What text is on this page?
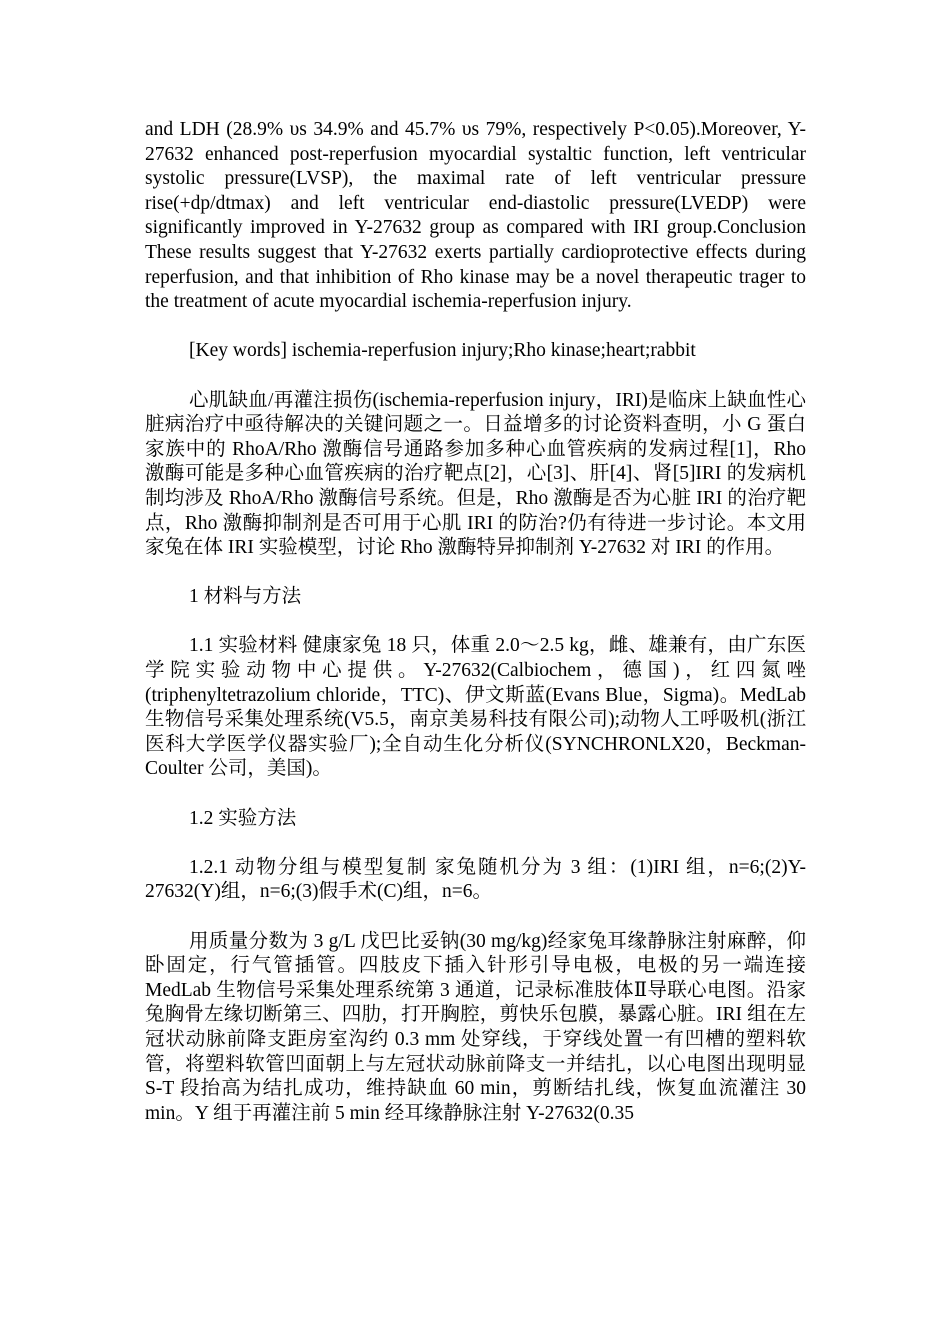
and LDH (28.9% υs 34.9% and 45.7% υs 79%, respectively P<0.05).Moreover, Y-27632 enhanced post-reperfusion myocardial systaltic function, left ventricular systolic pressure(LVSP), the maximal rate of left ventricular pressure rise(+dp/dtmax) and left ventricular end-diastolic pressure(LVEDP) were significantly improved in Y-27632 group as compared with IRI group.Conclusion These results suggest that Y-27632 exerts partially cardioprotective effects during reperfusion, and that inhibition of Rho kinase may be a novel therapeutic trager to the treatment of acute myocardial ischemia-reperfusion injury.

[Key words] ischemia-reperfusion injury;Rho kinase;heart;rabbit

心肌缺血/再灌注损伤(ischemia-reperfusion injury，IRI)是临床上缺血性心脏病治疗中亟待解决的关键问题之一。日益增多的讨论资料查明，小 G 蛋白家族中的 RhoA/Rho 激酶信号通路参加多种心血管疾病的发病过程[1]，Rho 激酶可能是多种心血管疾病的治疗靶点[2]，心[3]、肝[4]、肾[5]IRI 的发病机制均涉及 RhoA/Rho 激酶信号系统。但是，Rho 激酶是否为心脏 IRI 的治疗靶点，Rho 激酶抑制剂是否可用于心肌 IRI 的防治?仍有待进一步讨论。本文用家兔在体 IRI 实验模型，讨论 Rho 激酶特异抑制剂 Y-27632 对 IRI 的作用。

1 材料与方法

1.1 实验材料 健康家兔 18 只，体重 2.0～2.5 kg，雌、雄兼有，由广东医学院实验动物中心提供。Y-27632(Calbiochem，德国)，红四氮唑(triphenyltetrazolium chloride，TTC)、伊文斯蓝(Evans Blue，Sigma)。MedLab 生物信号采集处理系统(V5.5，南京美易科技有限公司);动物人工呼吸机(浙江医科大学医学仪器实验厂);全自动生化分析仪(SYNCHRONLX20，Beckman-Coulter 公司，美国)。

1.2 实验方法

1.2.1 动物分组与模型复制 家兔随机分为 3 组：(1)IRI 组，n=6;(2)Y-27632(Y)组，n=6;(3)假手术(C)组，n=6。

用质量分数为 3 g/L 戊巴比妥钠(30 mg/kg)经家兔耳缘静脉注射麻醉，仰卧固定，行气管插管。四肢皮下插入针形引导电极，电极的另一端连接 MedLab 生物信号采集处理系统第 3 通道，记录标准肢体Ⅱ导联心电图。沿家兔胸骨左缘切断第三、四肋，打开胸腔，剪快乐包膜，暴露心脏。IRI 组在左冠状动脉前降支距房室沟约 0.3 mm 处穿线，于穿线处置一有凹槽的塑料软管，将塑料软管凹面朝上与左冠状动脉前降支一并结扎，以心电图出现明显 S-T 段抬高为结扎成功，维持缺血 60 min，剪断结扎线，恢复血流灌注 30 min。Y 组于再灌注前 5 min 经耳缘静脉注射 Y-27632(0.35
